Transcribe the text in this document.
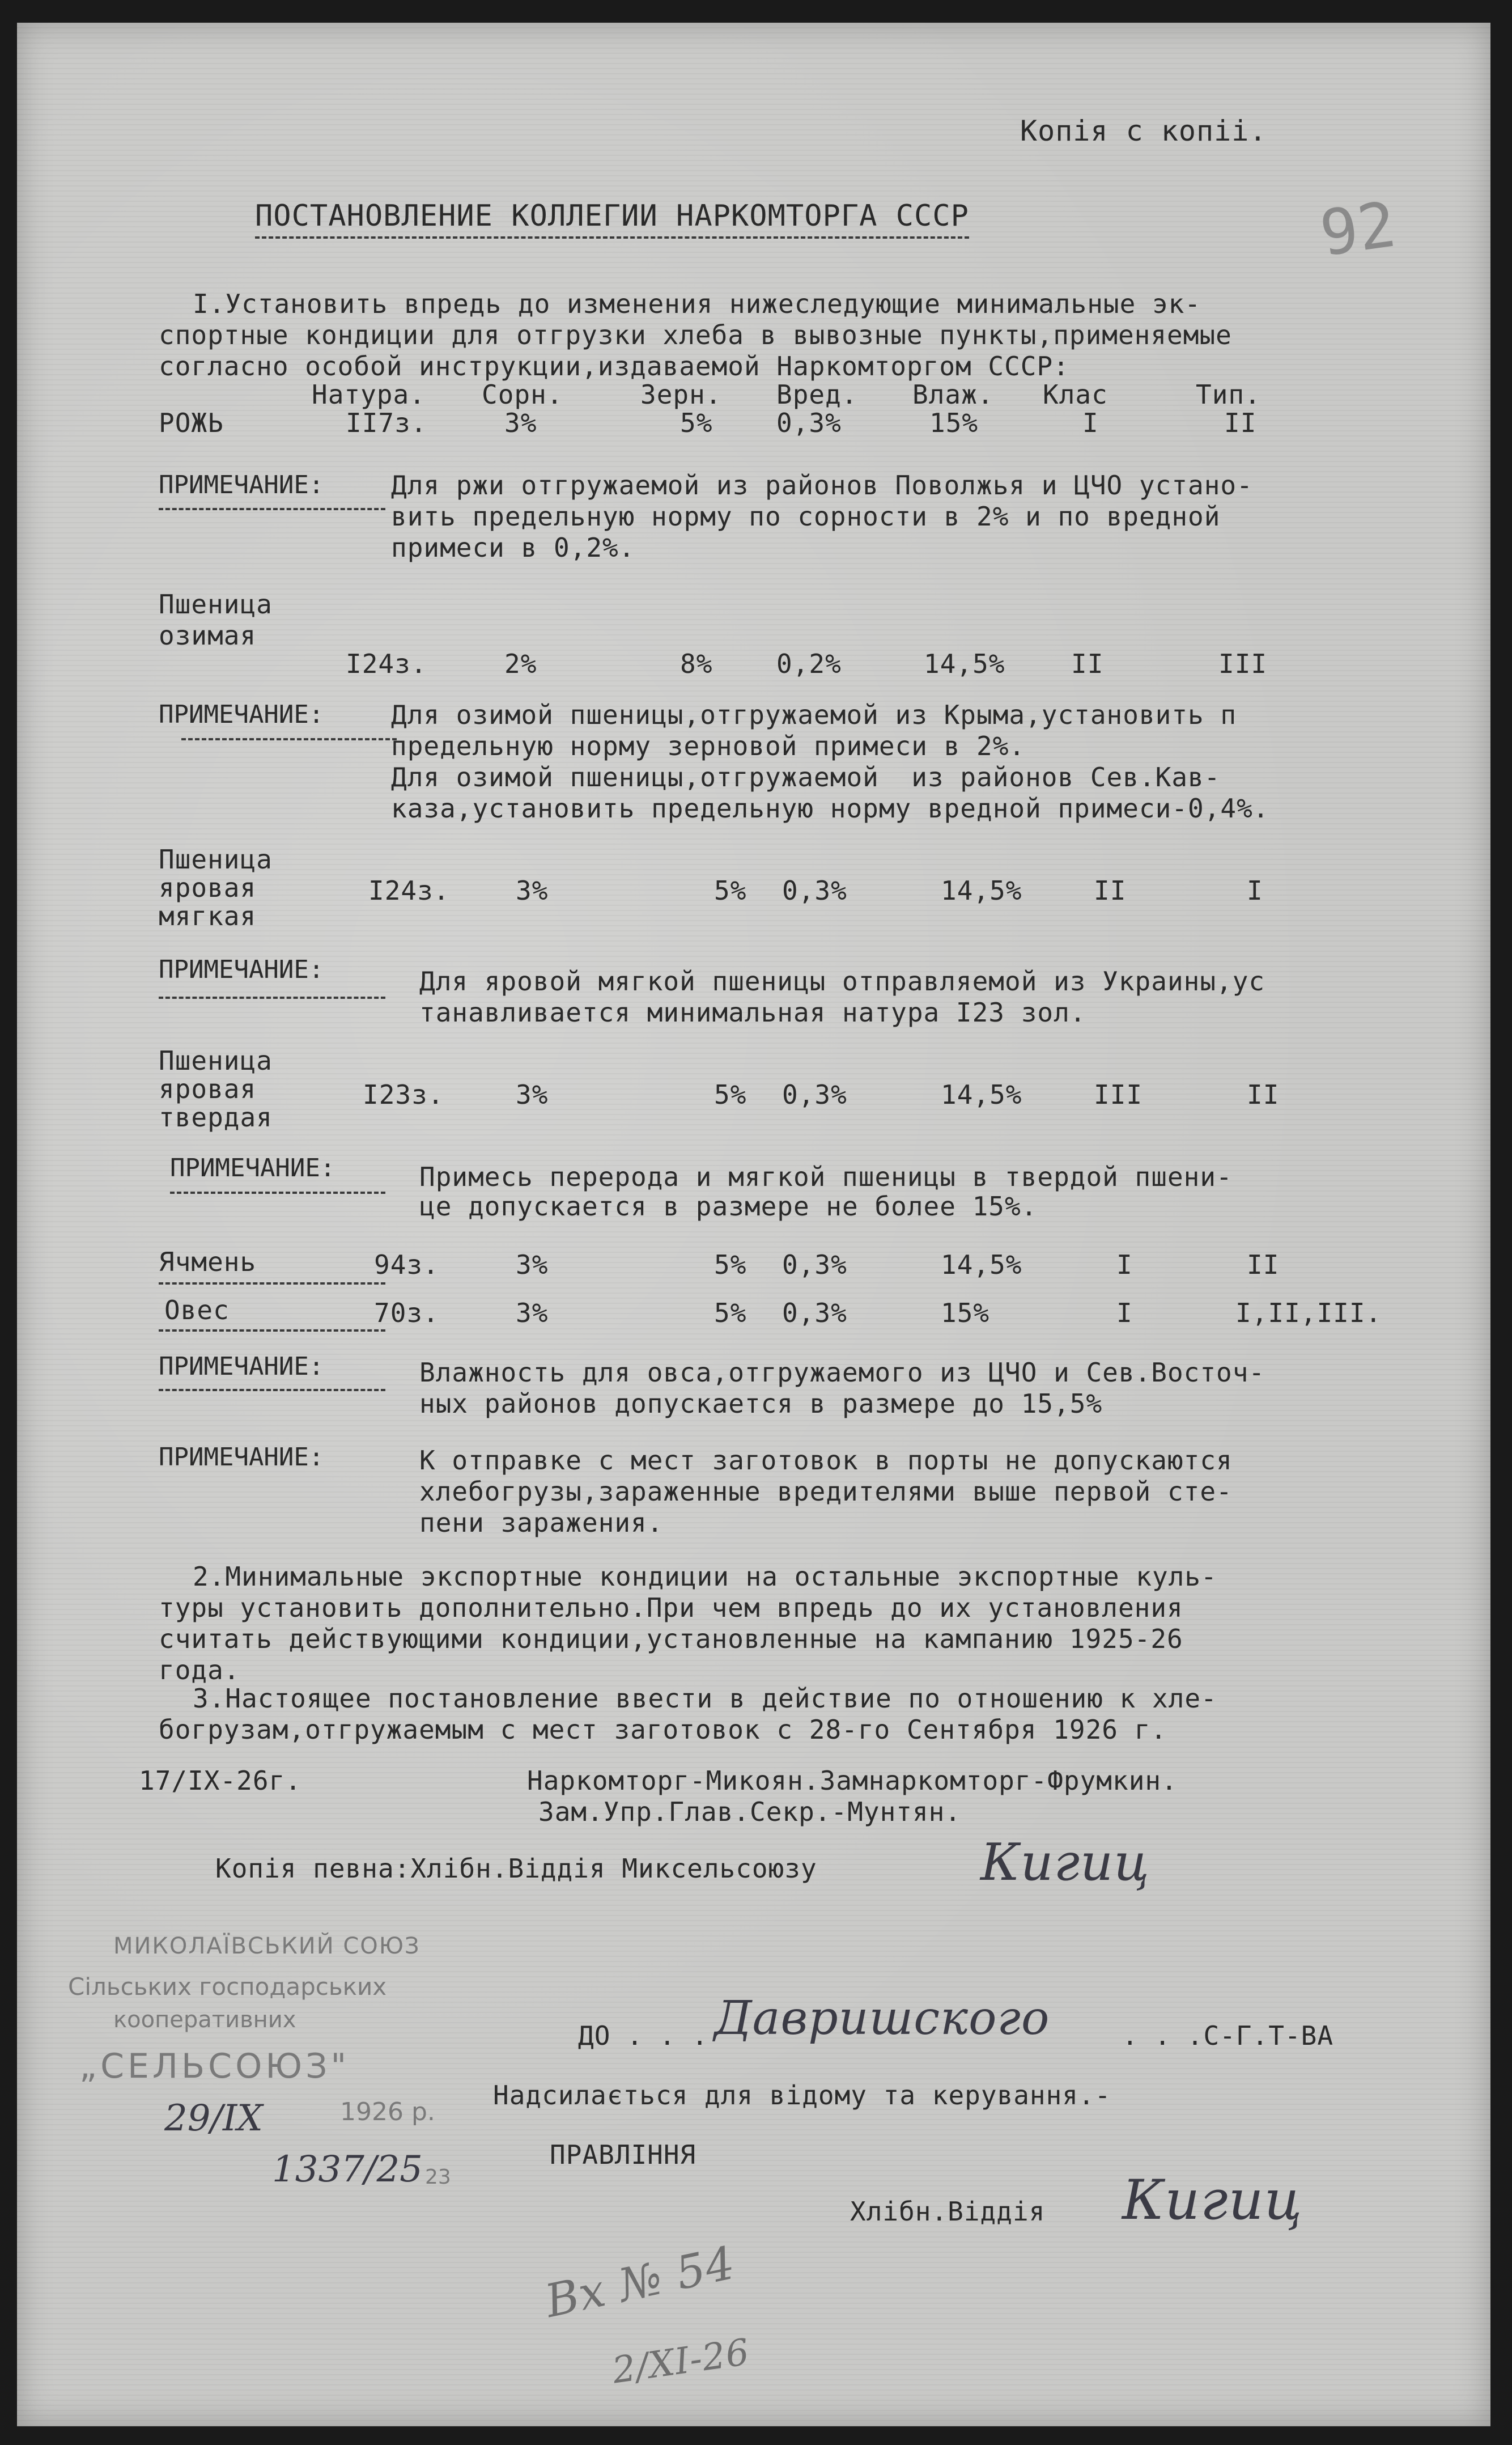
Копія с копіі.
92
ПОСТАНОВЛЕНИЕ КОЛЛЕГИИ НАРКОМТОРГА СССР
I.Установить впредь до изменения нижеследующие минимальные эк-
спортные кондиции для отгрузки хлеба в вывозные пункты,применяемые
согласно особой инструкции,издаваемой Наркомторгом СССР:
Натура. Сорн.	Зерн. Вред. Влаж. Клас	Тип.
РОЖЬ	II7з.	3%	5% 0,3%	15%	I	II
ПРИМЕЧАНИЕ:	Для ржи отгружаемой из районов Поволжья и ЦЧО устано-
вить предельную норму по сорности в 2% и по вредной
примеси в 0,2%.
Пшеница
озимая
I24з.	2%	8% 0,2%	14,5%	II	III
ПРИМЕЧАНИЕ:	Для озимой пшеницы,отгружаемой из Крыма,установить п
предельную норму зерновой примеси в 2%.
Для озимой пшеницы,отгружаемой  из районов Сев.Кав-
каза,установить предельную норму вредной примеси-0,4%.
Пшеница
яровая
мягкая
I24з.	3%	5% 0,3%	14,5%	II	I
ПРИМЕЧАНИЕ:	Для яровой мягкой пшеницы отправляемой из Украины,ус
танавливается минимальная натура I23 зол.
Пшеница
яровая
твердая
I23з.	3%	5% 0,3%	14,5%	III	II
ПРИМЕЧАНИЕ:	Примесь перерода и мягкой пшеницы в твердой пшени-
це допускается в размере не более 15%.
Ячмень	94з.	3%	5% 0,3%	14,5%	I	II
Овес	70з.	3%	5% 0,3%	15%	I	I,II,III.
ПРИМЕЧАНИЕ:	Влажность для овса,отгружаемого из ЦЧО и Сев.Восточ-
ных районов допускается в размере до 15,5%
ПРИМЕЧАНИЕ:	К отправке с мест заготовок в порты не допускаются
хлебогрузы,зараженные вредителями выше первой сте-
пени заражения.
2.Минимальные экспортные кондиции на остальные экспортные куль-
туры установить дополнительно.При чем впредь до их установления
считать действующими кондиции,установленные на кампанию 1925-26
года.
3.Настоящее постановление ввести в действие по отношению к хле-
богрузам,отгружаемым с мест заготовок с 28-го Сентября 1926 г.
17/IX-26г.	Наркомторг-Микоян.Замнаркомторг-Фрумкин.
Зам.Упр.Глав.Секр.-Мунтян.
Копія певна:Хлібн.Віддія Миксельсоюзу	Кигиц
МИКОЛАЇВСЬКИЙ СОЮЗ
Сільських господарських
кооперативних
„СЕЛЬСОЮЗ"
29/IX	1926 р.
1337/25 23
ДО . . . Давришского	. . .С-Г.Т-ВА
Надсилається для відому та керування.-
ПРАВЛІННЯ
Хлібн.Віддія Кигиц
Вх № 54
2/XI-26
